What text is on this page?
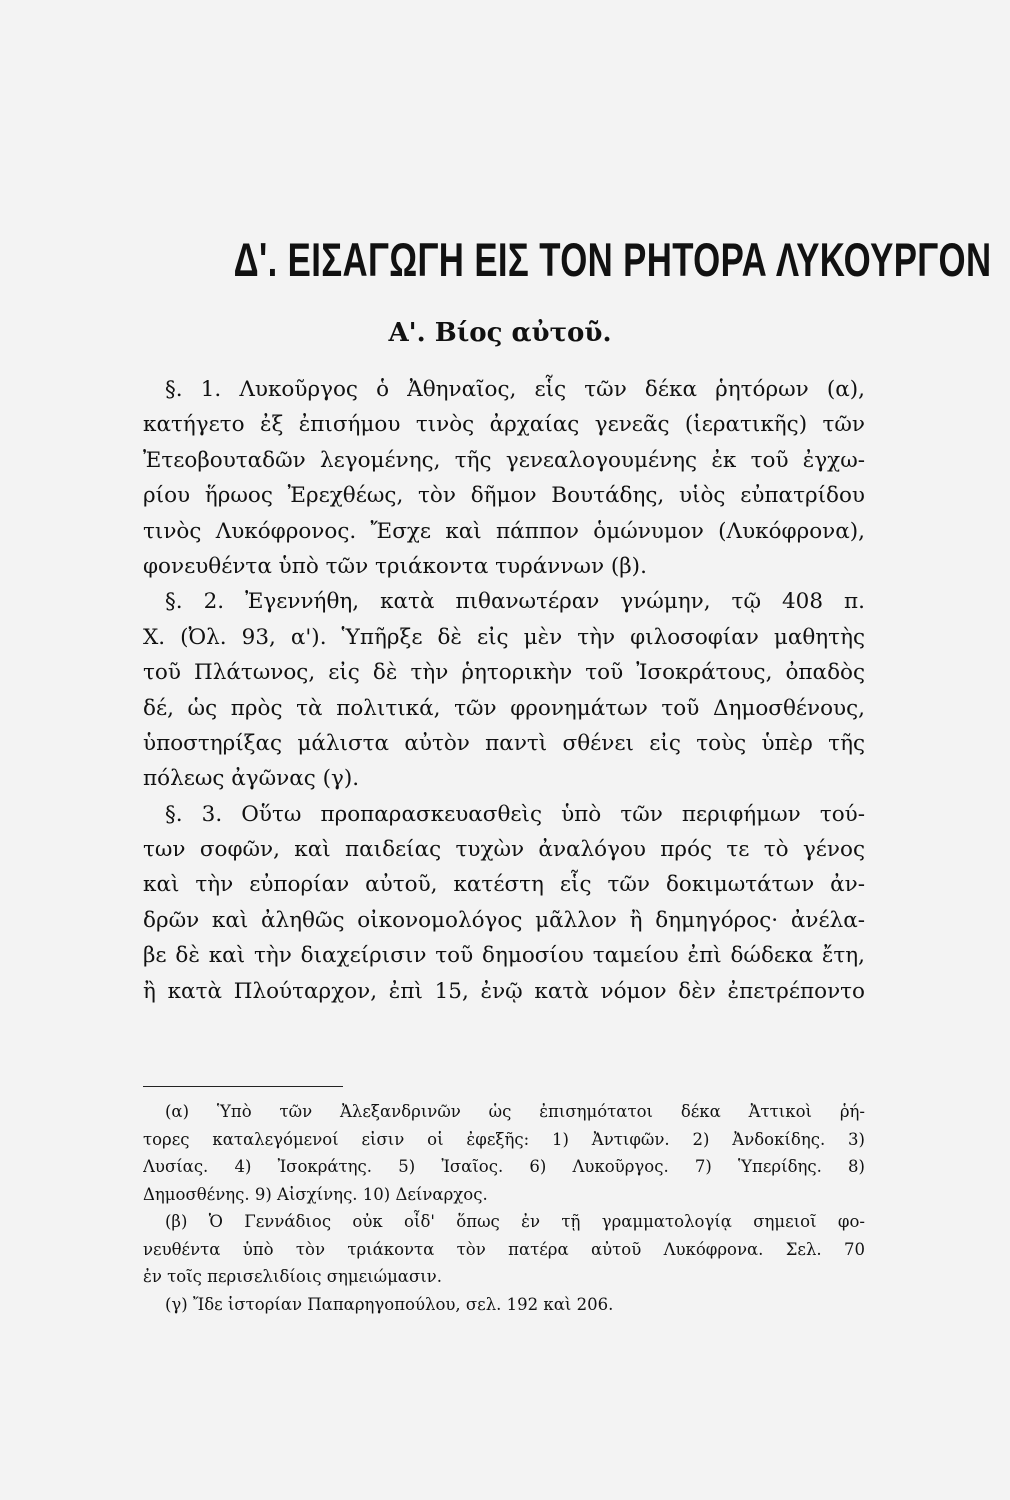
Δ'. ΕΙΣΑΓΩΓΗ ΕΙΣ ΤΟΝ ΡΗΤΟΡΑ ΛΥΚΟΥΡΓΟΝ
Α'. Βίος αὐτοῦ.
§. 1. Λυκοῦργος ὁ Ἀθηναῖος, εἷς τῶν δέκα ῥητόρων (α),
κατήγετο ἐξ ἐπισήμου τινὸς ἀρχαίας γενεᾶς (ἱερατικῆς) τῶν
Ἐτεοβουταδῶν λεγομένης, τῆς γενεαλογουμένης ἐκ τοῦ ἐγχω-
ρίου ἥρωος Ἐρεχθέως, τὸν δῆμον Βουτάδης, υἱὸς εὐπατρίδου
τινὸς Λυκόφρονος. Ἔσχε καὶ πάππον ὁμώνυμον (Λυκόφρονα),
φονευθέντα ὑπὸ τῶν τριάκοντα τυράννων (β).
§. 2. Ἐγεννήθη, κατὰ πιθανωτέραν γνώμην, τῷ 408 π.
Χ. (Ὀλ. 93, α'). Ὑπῆρξε δὲ εἰς μὲν τὴν φιλοσοφίαν μαθητὴς
τοῦ Πλάτωνος, εἰς δὲ τὴν ῥητορικὴν τοῦ Ἰσοκράτους, ὀπαδὸς
δέ, ὡς πρὸς τὰ πολιτικά, τῶν φρονημάτων τοῦ Δημοσθένους,
ὑποστηρίξας μάλιστα αὐτὸν παντὶ σθένει εἰς τοὺς ὑπὲρ τῆς
πόλεως ἀγῶνας (γ).
§. 3. Οὕτω προπαρασκευασθεὶς ὑπὸ τῶν περιφήμων τού-
των σοφῶν, καὶ παιδείας τυχὼν ἀναλόγου πρός τε τὸ γένος
καὶ τὴν εὐπορίαν αὐτοῦ, κατέστη εἷς τῶν δοκιμωτάτων ἀν-
δρῶν καὶ ἀληθῶς οἰκονομολόγος μᾶλλον ἢ δημηγόρος· ἀνέλα-
βε δὲ καὶ τὴν διαχείρισιν τοῦ δημοσίου ταμείου ἐπὶ δώδεκα ἔτη,
ἢ κατὰ Πλούταρχον, ἐπὶ 15, ἐνῷ κατὰ νόμον δὲν ἐπετρέποντο
(α) Ὑπὸ τῶν Ἀλεξανδρινῶν ὡς ἐπισημότατοι δέκα Ἀττικοὶ ῥή-
τορες καταλεγόμενοί εἰσιν οἱ ἐφεξῆς: 1) Ἀντιφῶν. 2) Ἀνδοκίδης. 3)
Λυσίας. 4) Ἰσοκράτης. 5) Ἰσαῖος. 6) Λυκοῦργος. 7) Ὑπερίδης. 8)
Δημοσθένης. 9) Αἰσχίνης. 10) Δείναρχος.
(β) Ὁ Γεννάδιος οὐκ οἶδ' ὅπως ἐν τῇ γραμματολογίᾳ σημειοῖ φο-
νευθέντα ὑπὸ τὸν τριάκοντα τὸν πατέρα αὐτοῦ Λυκόφρονα. Σελ. 70
ἐν τοῖς περισελιδίοις σημειώμασιν.
(γ) Ἴδε ἱστορίαν Παπαρηγοπούλου, σελ. 192 καὶ 206.
